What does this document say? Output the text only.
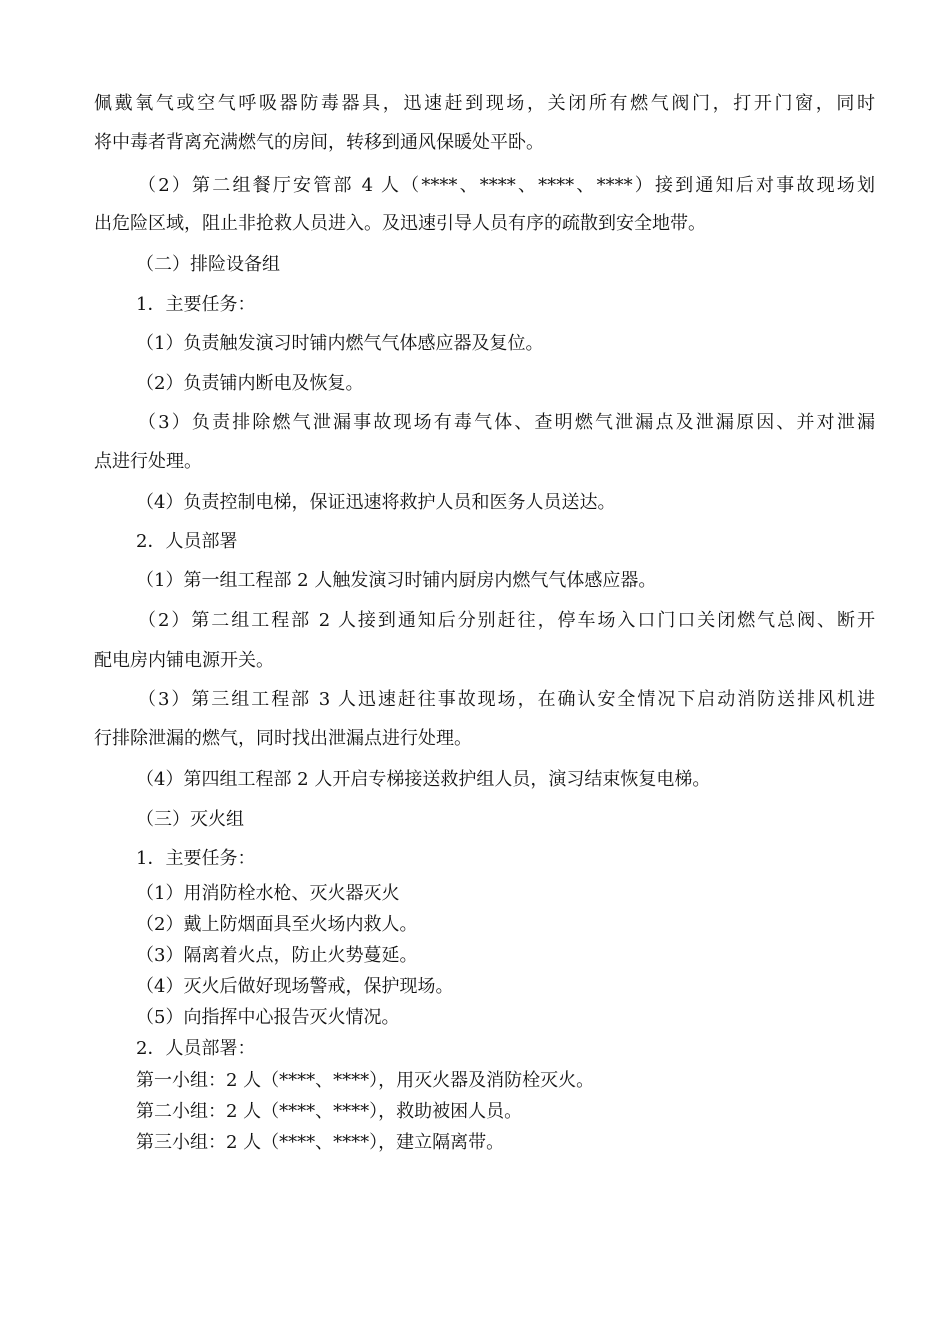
佩戴氧气或空气呼吸器防毒器具，迅速赶到现场，关闭所有燃气阀门，打开门窗，同时
将中毒者背离充满燃气的房间，转移到通风保暖处平卧。
（2）第二组餐厅安管部 4 人（****、****、****、****）接到通知后对事故现场划
出危险区域，阻止非抢救人员进入。及迅速引导人员有序的疏散到安全地带。
（二）排险设备组
1．主要任务：
（1）负责触发演习时铺内燃气气体感应器及复位。
（2）负责铺内断电及恢复。
（3）负责排除燃气泄漏事故现场有毒气体、查明燃气泄漏点及泄漏原因、并对泄漏
点进行处理。
（4）负责控制电梯，保证迅速将救护人员和医务人员送达。
2．人员部署
（1）第一组工程部 2 人触发演习时铺内厨房内燃气气体感应器。
（2）第二组工程部 2 人接到通知后分别赶往，停车场入口门口关闭燃气总阀、断开
配电房内铺电源开关。
（3）第三组工程部 3 人迅速赶往事故现场，在确认安全情况下启动消防送排风机进
行排除泄漏的燃气，同时找出泄漏点进行处理。
（4）第四组工程部 2 人开启专梯接送救护组人员，演习结束恢复电梯。
（三）灭火组
1．主要任务：
（1）用消防栓水枪、灭火器灭火
（2）戴上防烟面具至火场内救人。
（3）隔离着火点，防止火势蔓延。
（4）灭火后做好现场警戒，保护现场。
（5）向指挥中心报告灭火情况。
2．人员部署：
第一小组：2 人（****、****），用灭火器及消防栓灭火。
第二小组：2 人（****、****），救助被困人员。
第三小组：2 人（****、****），建立隔离带。
